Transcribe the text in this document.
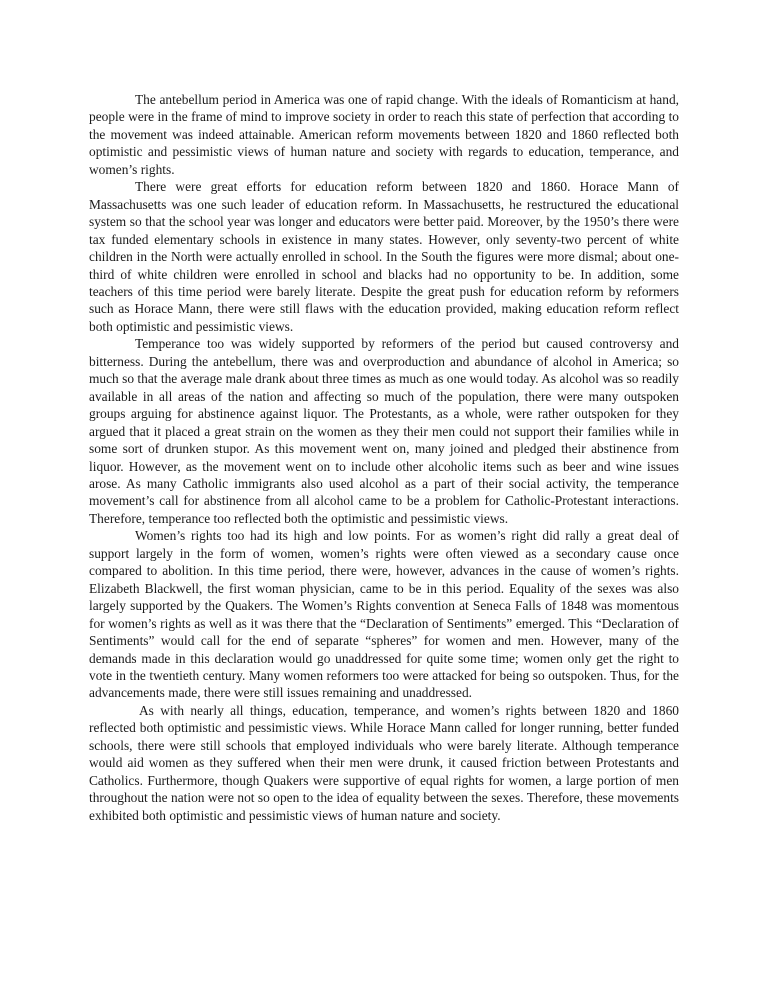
The antebellum period in America was one of rapid change. With the ideals of Romanticism at hand, people were in the frame of mind to improve society in order to reach this state of perfection that according to the movement was indeed attainable. American reform movements between 1820 and 1860 reflected both optimistic and pessimistic views of human nature and society with regards to education, temperance, and women’s rights.

There were great efforts for education reform between 1820 and 1860. Horace Mann of Massachusetts was one such leader of education reform. In Massachusetts, he restructured the educational system so that the school year was longer and educators were better paid. Moreover, by the 1950’s there were tax funded elementary schools in existence in many states. However, only seventy-two percent of white children in the North were actually enrolled in school. In the South the figures were more dismal; about one-third of white children were enrolled in school and blacks had no opportunity to be. In addition, some teachers of this time period were barely literate. Despite the great push for education reform by reformers such as Horace Mann, there were still flaws with the education provided, making education reform reflect both optimistic and pessimistic views.

Temperance too was widely supported by reformers of the period but caused controversy and bitterness. During the antebellum, there was and overproduction and abundance of alcohol in America; so much so that the average male drank about three times as much as one would today. As alcohol was so readily available in all areas of the nation and affecting so much of the population, there were many outspoken groups arguing for abstinence against liquor. The Protestants, as a whole, were rather outspoken for they argued that it placed a great strain on the women as they their men could not support their families while in some sort of drunken stupor. As this movement went on, many joined and pledged their abstinence from liquor. However, as the movement went on to include other alcoholic items such as beer and wine issues arose. As many Catholic immigrants also used alcohol as a part of their social activity, the temperance movement’s call for abstinence from all alcohol came to be a problem for Catholic-Protestant interactions. Therefore, temperance too reflected both the optimistic and pessimistic views.

Women’s rights too had its high and low points. For as women’s right did rally a great deal of support largely in the form of women, women’s rights were often viewed as a secondary cause once compared to abolition. In this time period, there were, however, advances in the cause of women’s rights. Elizabeth Blackwell, the first woman physician, came to be in this period. Equality of the sexes was also largely supported by the Quakers. The Women’s Rights convention at Seneca Falls of 1848 was momentous for women’s rights as well as it was there that the “Declaration of Sentiments” emerged. This “Declaration of Sentiments” would call for the end of separate “spheres” for women and men. However, many of the demands made in this declaration would go unaddressed for quite some time; women only get the right to vote in the twentieth century. Many women reformers too were attacked for being so outspoken. Thus, for the advancements made, there were still issues remaining and unaddressed.

As with nearly all things, education, temperance, and women’s rights between 1820 and 1860 reflected both optimistic and pessimistic views. While Horace Mann called for longer running, better funded schools, there were still schools that employed individuals who were barely literate. Although temperance would aid women as they suffered when their men were drunk, it caused friction between Protestants and Catholics. Furthermore, though Quakers were supportive of equal rights for women, a large portion of men throughout the nation were not so open to the idea of equality between the sexes. Therefore, these movements exhibited both optimistic and pessimistic views of human nature and society.
